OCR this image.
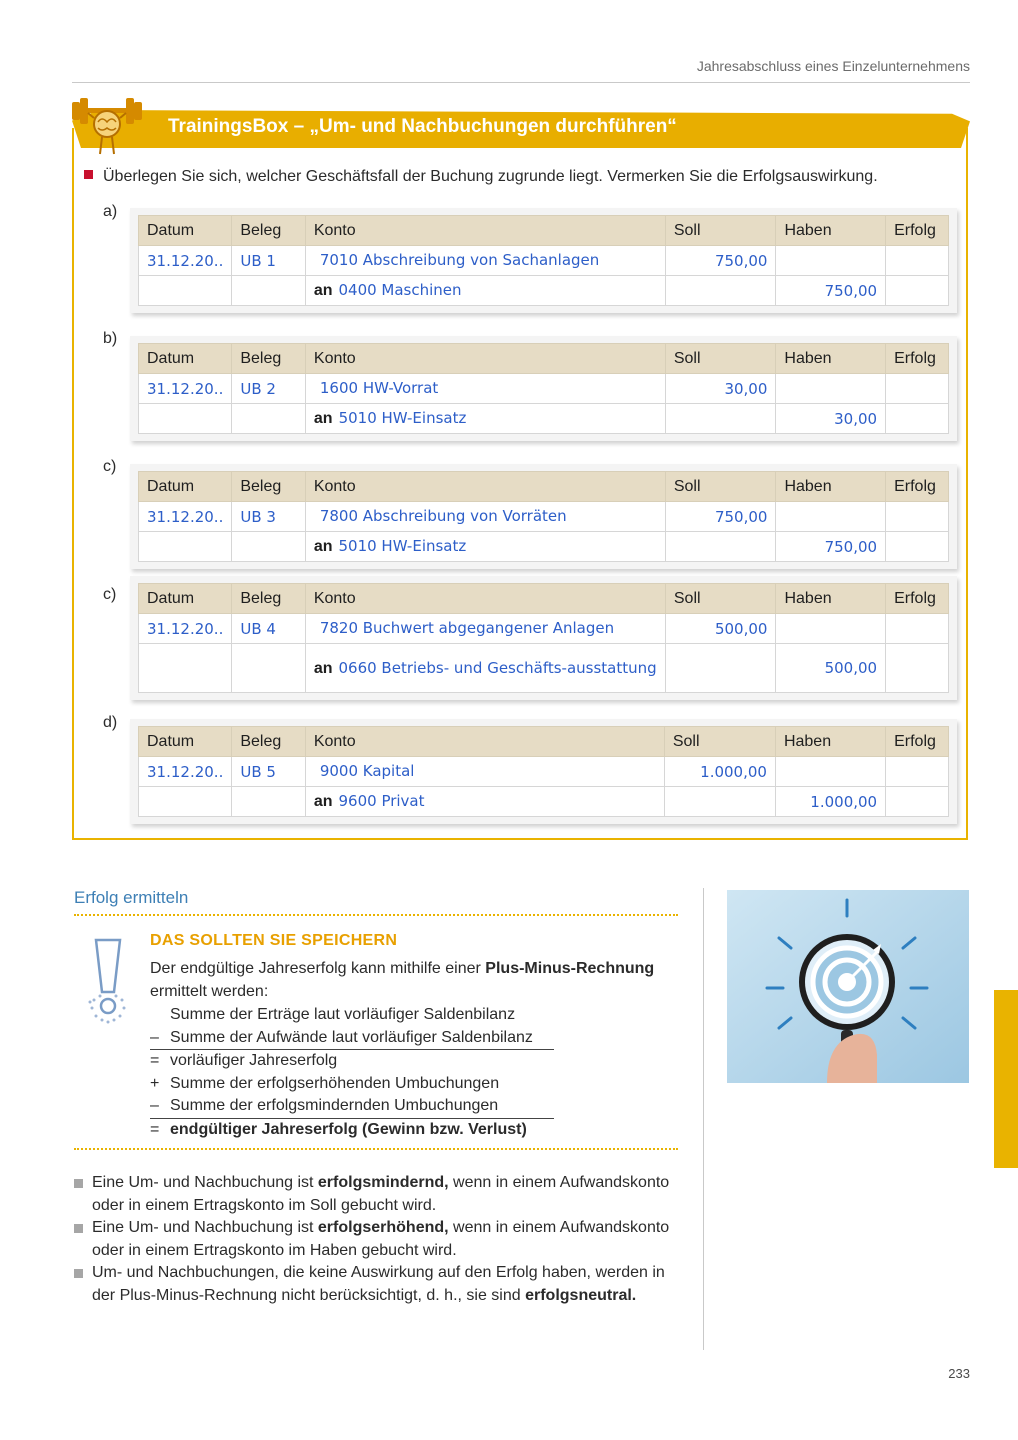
Jahresabschluss eines Einzelunternehmens
TrainingsBox – „Um- und Nachbuchungen durchführen“
Überlegen Sie sich, welcher Geschäftsfall der Buchung zugrunde liegt. Vermerken Sie die Erfolgsauswirkung.
a)
Datum	Beleg	Konto	Soll	Haben	Erfolg
31.12.20..	UB 1	7010 Abschreibung von Sachanlagen	750,00		
		an 0400 Maschinen		750,00	
b)
Datum	Beleg	Konto	Soll	Haben	Erfolg
31.12.20..	UB 2	1600 HW-Vorrat	30,00		
		an 5010 HW-Einsatz		30,00	
c)
Datum	Beleg	Konto	Soll	Haben	Erfolg
31.12.20..	UB 3	7800 Abschreibung von Vorräten	750,00		
		an 5010 HW-Einsatz		750,00	
c) Datum	Beleg	Konto	Soll	Haben	Erfolg
31.12.20..	UB 4	7820 Buchwert abgegangener Anlagen	500,00		
		an 0660 Betriebs- und Geschäfts-ausstattung		500,00	
d)
Datum	Beleg	Konto	Soll	Haben	Erfolg
31.12.20..	UB 5	9000 Kapital	1.000,00		
		an 9600 Privat		1.000,00	
Erfolg ermitteln
DAS SOLLTEN SIE SPEICHERN
Der endgültige Jahreserfolg kann mithilfe einer Plus-Minus-Rechnung ermittelt werden:
Summe der Erträge laut vorläufiger Saldenbilanz
– Summe der Aufwände laut vorläufiger Saldenbilanz
= vorläufiger Jahreserfolg
+ Summe der erfolgserhöhenden Umbuchungen
– Summe der erfolgsmindernden Umbuchungen
= endgültiger Jahreserfolg (Gewinn bzw. Verlust)
Eine Um- und Nachbuchung ist erfolgsmindernd, wenn in einem Aufwandskonto oder in einem Ertragskonto im Soll gebucht wird.
Eine Um- und Nachbuchung ist erfolgserhöhend, wenn in einem Aufwandskonto oder in einem Ertragskonto im Haben gebucht wird.
Um- und Nachbuchungen, die keine Auswirkung auf den Erfolg haben, werden in der Plus-Minus-Rechnung nicht berücksichtigt, d. h., sie sind erfolgsneutral.
233
